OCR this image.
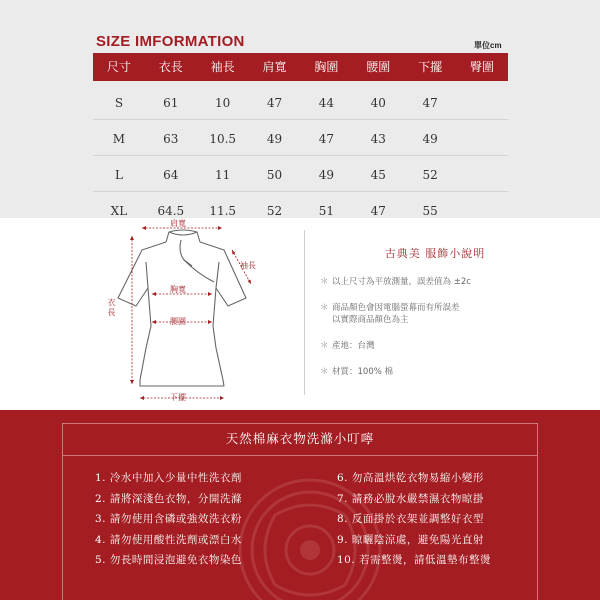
SIZE IMFORMATION	單位cm
尺寸	衣長	袖長	肩寬	胸圍	腰圍	下擺	臀圍
S	61	10	47	44	40	47
M	63	10.5	49	47	43	49
L	64	11	50	49	45	52
XL	64.5	11.5	52	51	47	55
肩寬
袖長
胸寬
腰圍
衣長
下擺
古典美 服飾小說明
＊ 以上尺寸為平放測量，誤差值為 ±2c
＊ 商品顏色會因電腦螢幕而有所誤差
以實際商品顏色為主
＊ 產地：台灣
＊ 材質：100% 棉
天然棉麻衣物洗滌小叮嚀
1. 冷水中加入少量中性洗衣劑
2. 請將深淺色衣物，分開洗滌
3. 請勿使用含磷或強效洗衣粉
4. 請勿使用酸性洗劑或漂白水
5. 勿長時間浸泡避免衣物染色
6. 勿高溫烘乾衣物易縮小變形
7. 請務必脫水嚴禁濕衣物晾掛
8. 反面掛於衣架並調整好衣型
9. 晾曬陰涼處，避免陽光直射
10. 若需整燙，請低溫墊布整燙
